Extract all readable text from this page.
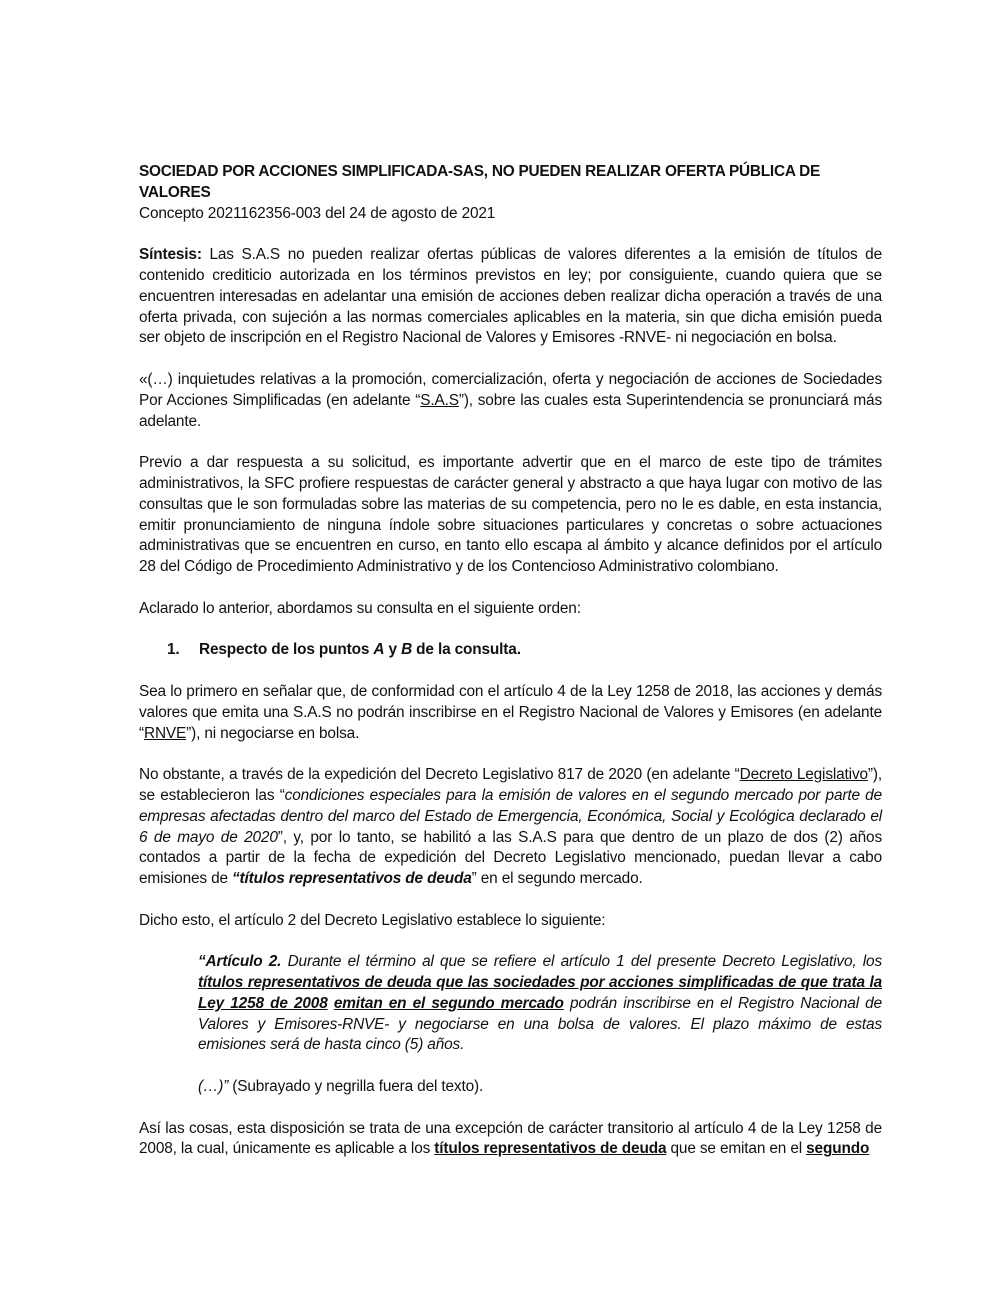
SOCIEDAD POR ACCIONES SIMPLIFICADA-SAS, NO PUEDEN REALIZAR OFERTA PÚBLICA DE VALORES

Concepto 2021162356-003 del 24 de agosto de 2021

Síntesis: Las S.A.S no pueden realizar ofertas públicas de valores diferentes a la emisión de títulos de contenido crediticio autorizada en los términos previstos en ley; por consiguiente, cuando quiera que se encuentren interesadas en adelantar una emisión de acciones deben realizar dicha operación a través de una oferta privada, con sujeción a las normas comerciales aplicables en la materia, sin que dicha emisión pueda ser objeto de inscripción en el Registro Nacional de Valores y Emisores -RNVE- ni negociación en bolsa.

«(…) inquietudes relativas a la promoción, comercialización, oferta y negociación de acciones de Sociedades Por Acciones Simplificadas (en adelante “S.A.S”), sobre las cuales esta Superintendencia se pronunciará más adelante.

Previo a dar respuesta a su solicitud, es importante advertir que en el marco de este tipo de trámites administrativos, la SFC profiere respuestas de carácter general y abstracto a que haya lugar con motivo de las consultas que le son formuladas sobre las materias de su competencia, pero no le es dable, en esta instancia, emitir pronunciamiento de ninguna índole sobre situaciones particulares y concretas o sobre actuaciones administrativas que se encuentren en curso, en tanto ello escapa al ámbito y alcance definidos por el artículo 28 del Código de Procedimiento Administrativo y de los Contencioso Administrativo colombiano.

Aclarado lo anterior, abordamos su consulta en el siguiente orden:

1. Respecto de los puntos A y B de la consulta.

Sea lo primero en señalar que, de conformidad con el artículo 4 de la Ley 1258 de 2018, las acciones y demás valores que emita una S.A.S no podrán inscribirse en el Registro Nacional de Valores y Emisores (en adelante “RNVE”), ni negociarse en bolsa.

No obstante, a través de la expedición del Decreto Legislativo 817 de 2020 (en adelante “Decreto Legislativo”), se establecieron las “condiciones especiales para la emisión de valores en el segundo mercado por parte de empresas afectadas dentro del marco del Estado de Emergencia, Económica, Social y Ecológica declarado el 6 de mayo de 2020”, y, por lo tanto, se habilitó a las S.A.S para que dentro de un plazo de dos (2) años contados a partir de la fecha de expedición del Decreto Legislativo mencionado, puedan llevar a cabo emisiones de “títulos representativos de deuda” en el segundo mercado.

Dicho esto, el artículo 2 del Decreto Legislativo establece lo siguiente:

“Artículo 2. Durante el término al que se refiere el artículo 1 del presente Decreto Legislativo, los títulos representativos de deuda que las sociedades por acciones simplificadas de que trata la Ley 1258 de 2008 emitan en el segundo mercado podrán inscribirse en el Registro Nacional de Valores y Emisores-RNVE- y negociarse en una bolsa de valores. El plazo máximo de estas emisiones será de hasta cinco (5) años.

(…)” (Subrayado y negrilla fuera del texto).

Así las cosas, esta disposición se trata de una excepción de carácter transitorio al artículo 4 de la Ley 1258 de 2008, la cual, únicamente es aplicable a los títulos representativos de deuda que se emitan en el segundo
